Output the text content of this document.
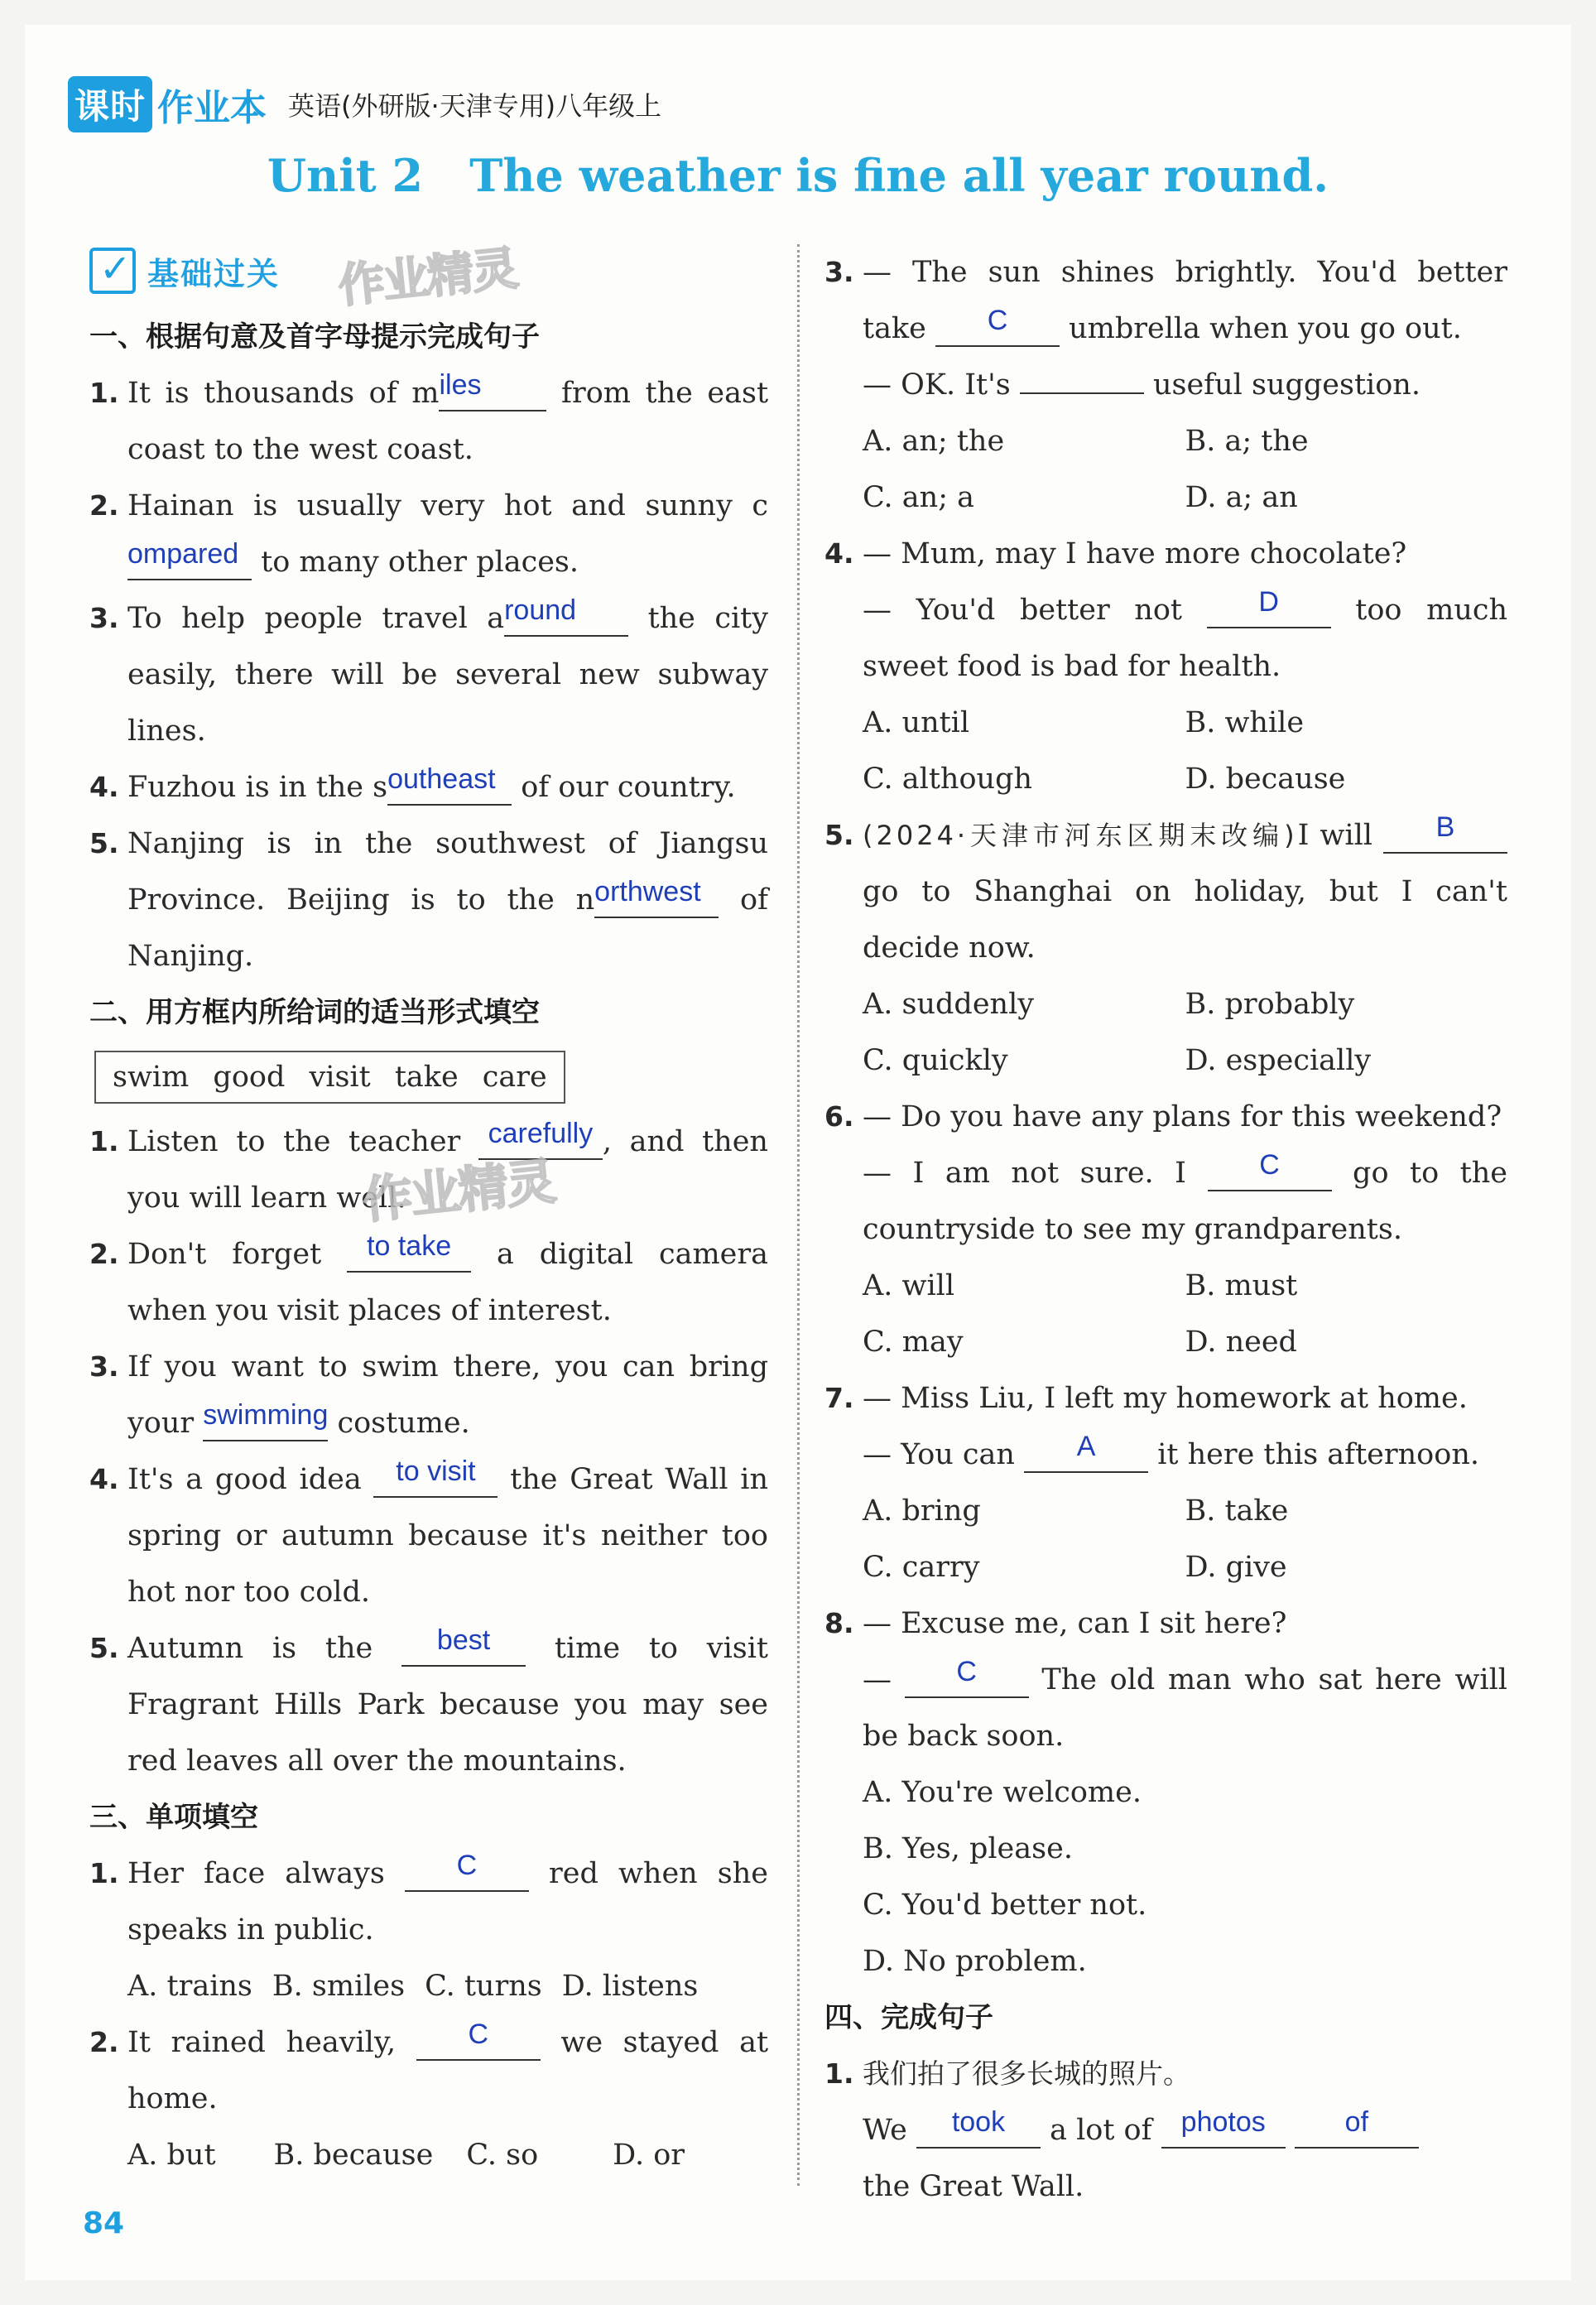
课时 作业本 英语(外研版·天津专用)八年级上
Unit 2 The weather is fine all year round.
✓ 基础过关 作业精灵
一、根据句意及首字母提示完成句子
1. It is thousands of miles from the east coast to the west coast.
2. Hainan is usually very hot and sunny compared to many other places.
3. To help people travel around the city easily, there will be several new subway lines.
4. Fuzhou is in the southeast of our country.
5. Nanjing is in the southwest of Jiangsu Province. Beijing is to the northwest of Nanjing.
二、用方框内所给词的适当形式填空
swim good visit take care
1. Listen to the teacher carefully , and then you will learn well.
作业精灵
2. Don't forget to take a digital camera when you visit places of interest.
3. If you want to swim there, you can bring your swimming costume.
4. It's a good idea to visit the Great Wall in spring or autumn because it's neither too hot nor too cold.
5. Autumn is the best time to visit Fragrant Hills Park because you may see red leaves all over the mountains.
三、单项填空
1. Her face always C red when she speaks in public.
A. trains B. smiles C. turns D. listens
2. It rained heavily, C we stayed at home.
A. but B. because C. so	D. or
3. — The sun shines brightly. You'd better take C umbrella when you go out.
— OK. It's	useful suggestion.
A. an; the	B. a; the
C. an; a	D. a; an
4. — Mum, may I have more chocolate?
— You'd better not D too much sweet food is bad for health.
A. until	B. while
C. although	D. because
5. (2024·天津市河东区期末改编)I will B go to Shanghai on holiday, but I can't decide now.
A. suddenly	B. probably
C. quickly	D. especially
6. — Do you have any plans for this weekend?
— I am not sure. I C go to the countryside to see my grandparents.
A. will	B. must
C. may	D. need
7. — Miss Liu, I left my homework at home.
— You can A it here this afternoon.
A. bring	B. take
C. carry	D. give
8. — Excuse me, can I sit here?
— C The old man who sat here will be back soon.
A. You're welcome.
B. Yes, please.
C. You'd better not.
D. No problem.
四、完成句子
1. 我们拍了很多长城的照片。
We took a lot of photos	of
the Great Wall.
84
